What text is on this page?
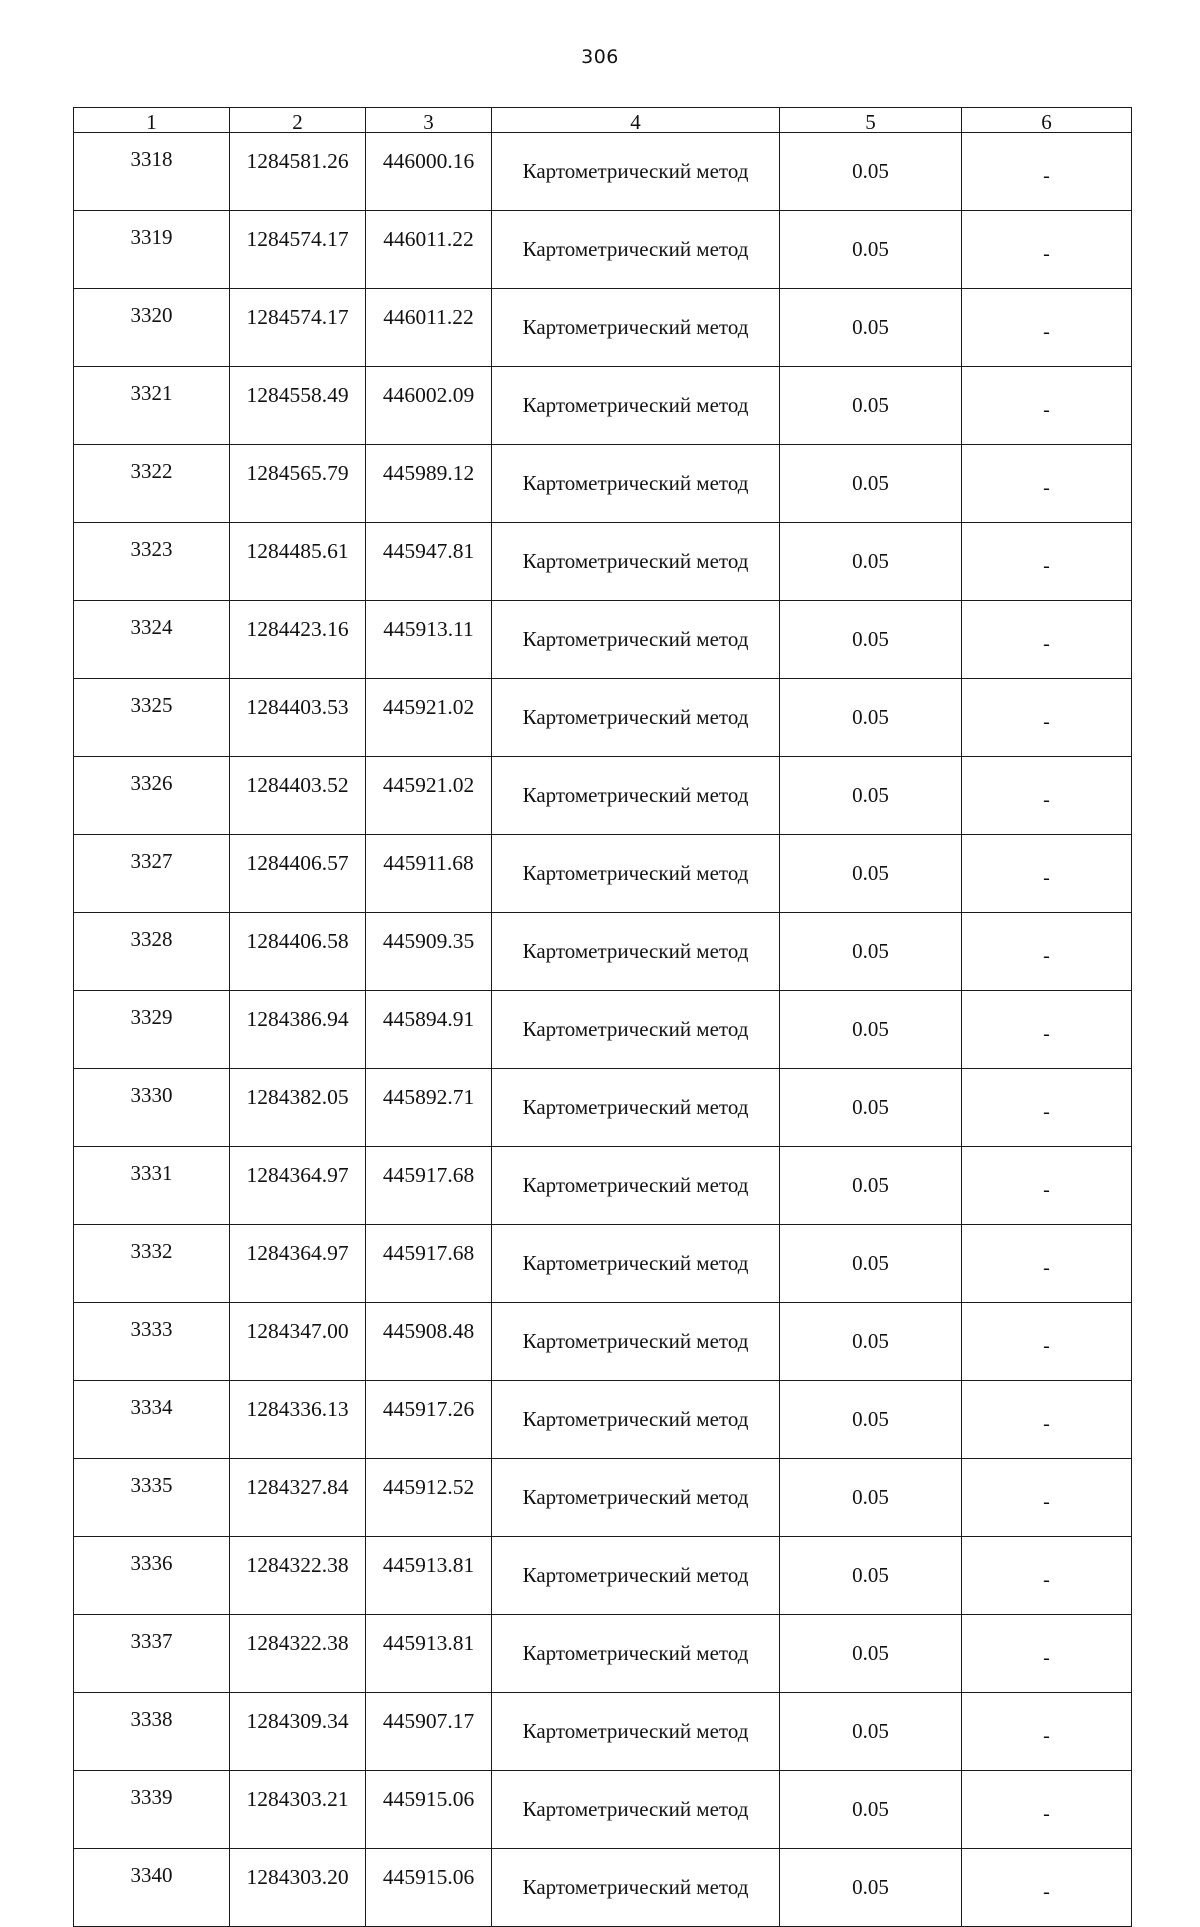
306
1	2	3	4	5	6
3318	1284581.26	446000.16	Картометрический метод	0.05	-
3319	1284574.17	446011.22	Картометрический метод	0.05	-
3320	1284574.17	446011.22	Картометрический метод	0.05	-
3321	1284558.49	446002.09	Картометрический метод	0.05	-
3322	1284565.79	445989.12	Картометрический метод	0.05	-
3323	1284485.61	445947.81	Картометрический метод	0.05	-
3324	1284423.16	445913.11	Картометрический метод	0.05	-
3325	1284403.53	445921.02	Картометрический метод	0.05	-
3326	1284403.52	445921.02	Картометрический метод	0.05	-
3327	1284406.57	445911.68	Картометрический метод	0.05	-
3328	1284406.58	445909.35	Картометрический метод	0.05	-
3329	1284386.94	445894.91	Картометрический метод	0.05	-
3330	1284382.05	445892.71	Картометрический метод	0.05	-
3331	1284364.97	445917.68	Картометрический метод	0.05	-
3332	1284364.97	445917.68	Картометрический метод	0.05	-
3333	1284347.00	445908.48	Картометрический метод	0.05	-
3334	1284336.13	445917.26	Картометрический метод	0.05	-
3335	1284327.84	445912.52	Картометрический метод	0.05	-
3336	1284322.38	445913.81	Картометрический метод	0.05	-
3337	1284322.38	445913.81	Картометрический метод	0.05	-
3338	1284309.34	445907.17	Картометрический метод	0.05	-
3339	1284303.21	445915.06	Картометрический метод	0.05	-
3340	1284303.20	445915.06	Картометрический метод	0.05	-
